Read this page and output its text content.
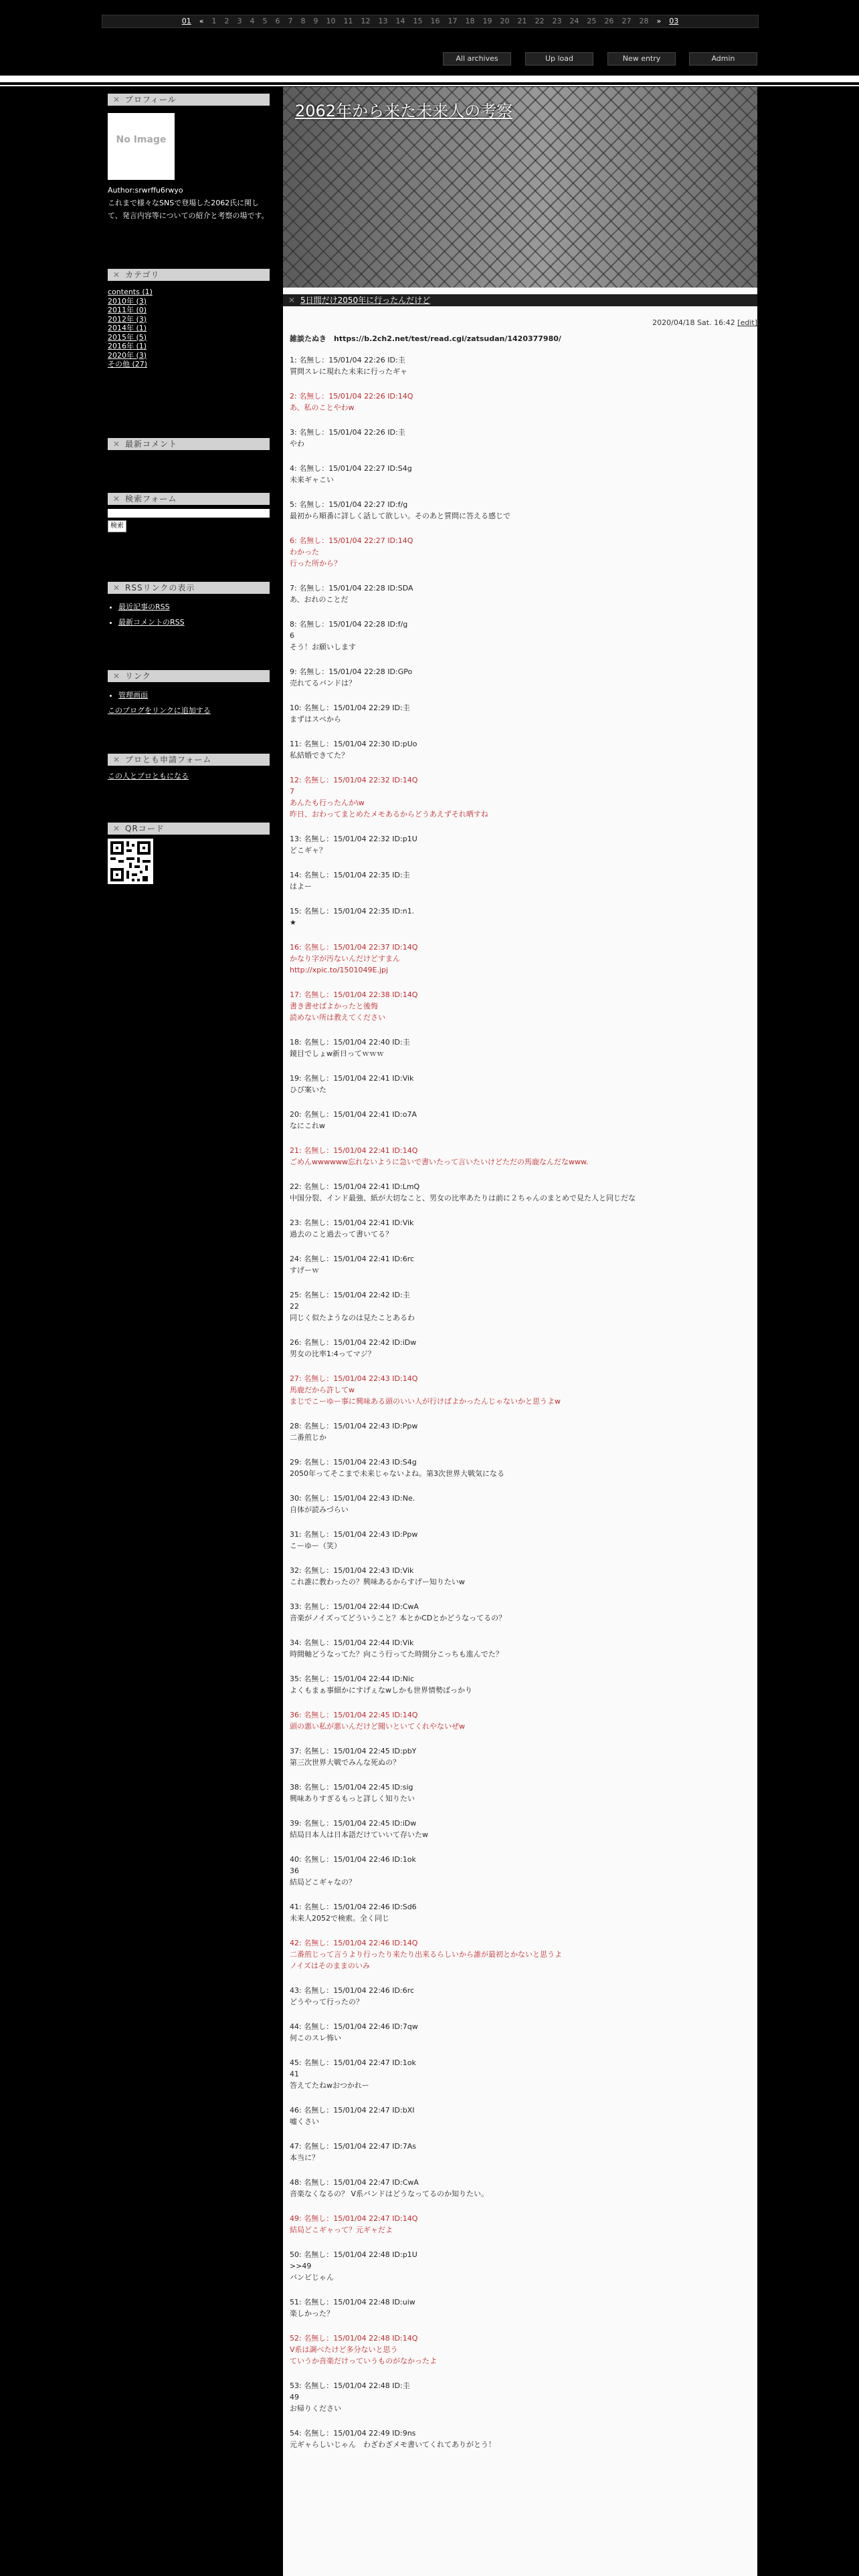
01 « 1 2 3 4 5 6 7 8 9 10 11 12 13 14 15 16 17 18 19 20 21 22 23 24 25 26 27 28 » 03
All archives	Up load	New entry	Admin
✕ プロフィール
No Image
Author:srwrffu6rwyo
これまで様々なSNSで登場した2062氏に関して、発言内容等についての紹介と考察の場です。
✕ カテゴリ
contents (1)
2010年 (3)
2011年 (0)
2012年 (3)
2014年 (1)
2015年 (5)
2016年 (1)
2020年 (3)
その他 (27)
✕ 最新コメント
✕ 検索フォーム
検索
✕ RSSリンクの表示
• 最近記事のRSS
• 最新コメントのRSS
✕ リンク
• 管理画面
このブログをリンクに追加する
✕ ブロとも申請フォーム
この人とブロともになる
✕ QRコード
2062年から来た未来人の考察
✕ 5日間だけ2050年に行ったんだけど
2020/04/18 Sat. 16:42 [edit]
雑談たぬき　https://b.2ch2.net/test/read.cgi/zatsudan/1420377980/
1: 名無し：15/01/04 22:26 ID:圭
質問スレに現れた未来に行ったギャ
2: 名無し：15/01/04 22:26 ID:14Q
あ、私のことやわw
3: 名無し：15/01/04 22:26 ID:圭
やわ
4: 名無し：15/01/04 22:27 ID:S4g
未来ギャこい
5: 名無し：15/01/04 22:27 ID:f/g
最初から順番に詳しく話して欲しい。そのあと質問に答える感じで
6: 名無し：15/01/04 22:27 ID:14Q
わかった
行った所から？
7: 名無し：15/01/04 22:28 ID:SDA
あ、おれのことだ
8: 名無し：15/01/04 22:28 ID:f/g
6
そう！お願いします
9: 名無し：15/01/04 22:28 ID:GPo
売れてるバンドは？
10: 名無し：15/01/04 22:29 ID:圭
まずはスペから
11: 名無し：15/01/04 22:30 ID:pUo
私結婚できてた？
12: 名無し：15/01/04 22:32 ID:14Q
7
あんたも行ったんか\w
昨日、おわってまとめたメモあるからどうあえずそれ晒すね
13: 名無し：15/01/04 22:32 ID:p1U
どこギャ？
14: 名無し：15/01/04 22:35 ID:圭
はよー
15: 名無し：15/01/04 22:35 ID:n1.
★
16: 名無し：15/01/04 22:37 ID:14Q
かなり字が汚ないんだけどすまん
http://xpic.to/1501049E.jpj
17: 名無し：15/01/04 22:38 ID:14Q
書き書せばよかったと後悔
読めない所は教えてください
18: 名無し：15/01/04 22:40 ID:圭
鏡目でしょw新日ってｗｗｗ
19: 名無し：15/01/04 22:41 ID:Vik
ひび案いた
20: 名無し：15/01/04 22:41 ID:o7A
なにこれw
21: 名無し：15/01/04 22:41 ID:14Q
ごめんwwwwww忘れないように急いで書いたって言いたいけどただの馬鹿なんだなwww.
22: 名無し：15/01/04 22:41 ID:LmQ
中国分裂、インド最強、紙が大切なこと、男女の比率あたりは前に２ちゃんのまとめで見た人と同じだな
23: 名無し：15/01/04 22:41 ID:Vik
過去のこと過去って書いてる？
24: 名無し：15/01/04 22:41 ID:6rc
すげーｗ
25: 名無し：15/01/04 22:42 ID:圭
22
同じく似たようなのは見たことあるわ
26: 名無し：15/01/04 22:42 ID:iDw
男女の比率1:4ってマジ？
27: 名無し：15/01/04 22:43 ID:14Q
馬鹿だから許してw
まじでこーゆー事に興味ある頭のいい人が行けばよかったんじゃないかと思うよw
28: 名無し：15/01/04 22:43 ID:Ppw
二番煎じか
29: 名無し：15/01/04 22:43 ID:S4g
2050年ってそこまで未来じゃないよね。第3次世界大戦気になる
30: 名無し：15/01/04 22:43 ID:Ne.
自体が読みづらい
31: 名無し：15/01/04 22:43 ID:Ppw
こーゆー（笑）
32: 名無し：15/01/04 22:43 ID:Vik
これ誰に教わったの？興味あるからすげー知りたいw
33: 名無し：15/01/04 22:44 ID:CwA
音楽がノイズってどういうこと？本とかCDとかどうなってるの？
34: 名無し：15/01/04 22:44 ID:Vik
時間軸どうなってた？向こう行ってた時間分こっちも進んでた？
35: 名無し：15/01/04 22:44 ID:Nic
よくもまぁ事細かにすげぇなwしかも世界情勢ばっかり
36: 名無し：15/01/04 22:45 ID:14Q
頭の悪い私が悪いんだけど聞いといてくれやないぜw
37: 名無し：15/01/04 22:45 ID:pbY
第三次世界大戦でみんな死ぬの？
38: 名無し：15/01/04 22:45 ID:sig
興味ありすぎるもっと詳しく知りたい
39: 名無し：15/01/04 22:45 ID:iDw
結局日本人は日本語だけていいて存いたw
40: 名無し：15/01/04 22:46 ID:1ok
36
結局どこギャなの？
41: 名無し：15/01/04 22:46 ID:Sd6
未来人2052で検索。全く同じ
42: 名無し：15/01/04 22:46 ID:14Q
二番煎じって言うより行ったり来たり出来るらしいから誰が最初とかないと思うよ
ノイズはそのままのいみ
43: 名無し：15/01/04 22:46 ID:6rc
どうやって行ったの？
44: 名無し：15/01/04 22:46 ID:7qw
何このスレ怖い
45: 名無し：15/01/04 22:47 ID:1ok
41
答えてたねwおつかれー
46: 名無し：15/01/04 22:47 ID:bXI
嘘くさい
47: 名無し：15/01/04 22:47 ID:7As
本当に？
48: 名無し：15/01/04 22:47 ID:CwA
音楽なくなるの？ V系バンドはどうなってるのか知りたい。
49: 名無し：15/01/04 22:47 ID:14Q
結局どこギャって？元ギャだよ
50: 名無し：15/01/04 22:48 ID:p1U
>>49
バンビじゃん
51: 名無し：15/01/04 22:48 ID:uiw
楽しかった？
52: 名無し：15/01/04 22:48 ID:14Q
V系は調べたけど多分ないと思う
ていうか音楽だけっていうものがなかったよ
53: 名無し：15/01/04 22:48 ID:圭
49
お帰りください
54: 名無し：15/01/04 22:49 ID:9ns
元ギャらしいじゃん　わざわざメモ書いてくれてありがとう！
